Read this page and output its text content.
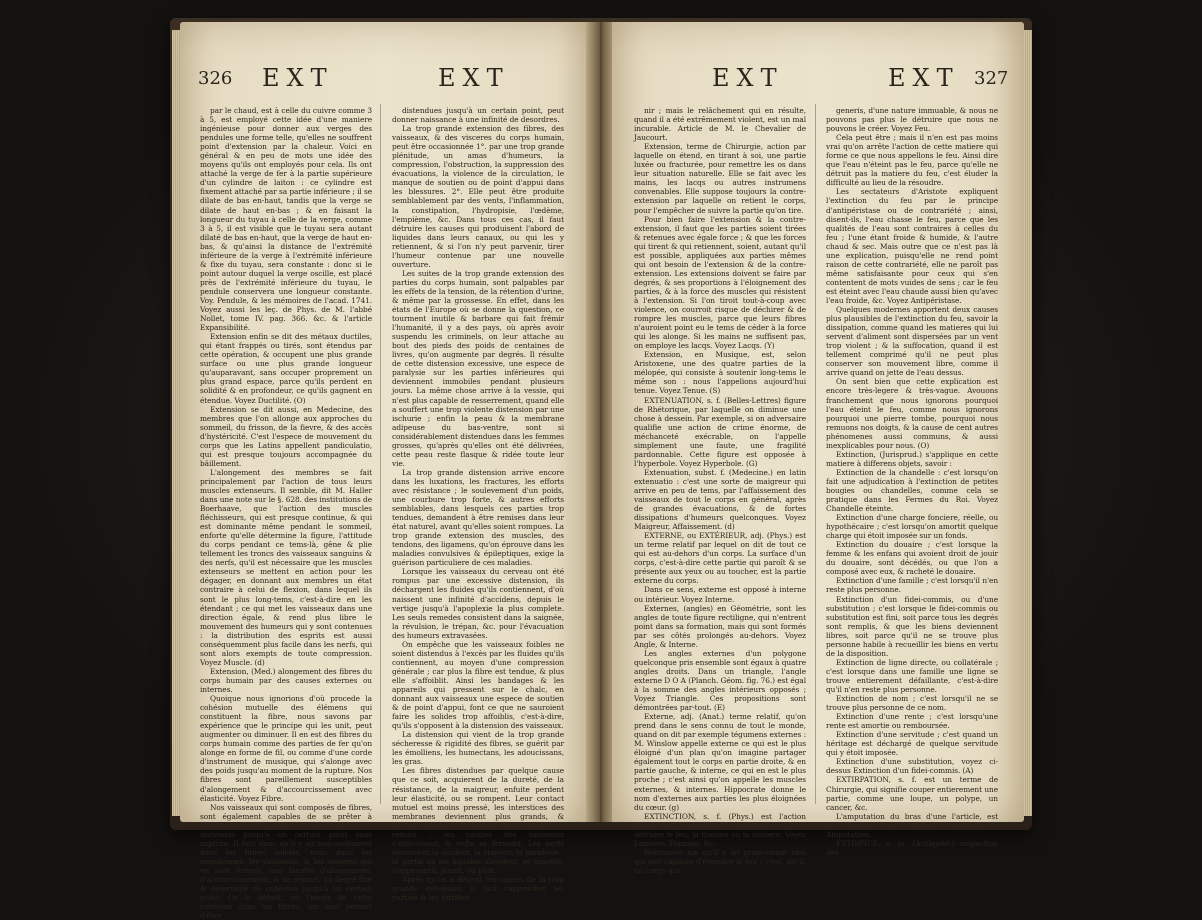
326 EXT	EXT

par le chaud, est à celle du cuivre comme 3 à 5, est employé cette idée d'une maniere ingénieuse pour donner aux verges des pendules une forme telle, qu'elles ne souffrent point d'extension par la chaleur. Voici en général & en peu de mots une idée des moyens qu'ils ont employés pour cela. Ils ont attaché la verge de fer à la partie supérieure d'un cylindre de laiton : ce cylindre est fixement attaché par sa partie inférieure ; il se dilate de bas en-haut, tandis que la verge se dilate de haut en-bas ; & en faisant la longueur du tuyau à celle de la verge, comme 3 à 5, il est visible que le tuyau sera autant dilaté de bas en-haut, que la verge de haut en-bas, & qu'ainsi la distance de l'extrémité inférieure de la verge à l'extrémité inférieure & fixe du tuyau, sera constante : donc si le point autour duquel la verge oscille, est placé près de l'extrémité inférieure du tuyau, le pendule conservera une longueur constante. Voy. Pendule, & les mémoires de l'acad. 1741. Voyez aussi les leç. de Phys. de M. l'abbé Nollet, tome IV. pag. 366. &c. & l'article Expansibilité.

Extension enfin se dit des métaux ductiles, qui étant frappés ou tirés, sont étendus par cette opération, & occupent une plus grande surface ou une plus grande longueur qu'auparavant, sans occuper proprement un plus grand espace, parce qu'ils perdent en solidité & en profondeur, ce qu'ils gagnent en étendue. Voyez Ductilité. (O)

Extension se dit aussi, en Medecine, des membres que l'on allonge aux approches du sommeil, du frisson, de la fievre, & des accès d'hystéricité. C'est l'espece de mouvement du corps que les Latins appellent pandiculatio, qui est presque toujours accompagnée du bâillement.

L'alongement des membres se fait principalement par l'action de tous leurs muscles extenseurs. Il semble, dit M. Haller dans une note sur le §. 628. des institutions de Boerhaave, que l'action des muscles fléchisseurs, qui est presque continue, & qui est dominante même pendant le sommeil, enforte qu'elle détermine la figure, l'attitude du corps pendant ce tems-là, gêne & plie tellement les troncs des vaisseaux sanguins & des nerfs, qu'il est nécessaire que les muscles extenseurs se mettent en action pour les dégager, en donnant aux membres un état contraire à celui de flexion, dans lequel ils sont le plus long-tems, c'est-à-dire en les étendant ; ce qui met les vaisseaux dans une direction égale, & rend plus libre le mouvement des humeurs qui y sont contenues : la distribution des esprits est aussi conséquemment plus facile dans les nerfs, qui sont alors exempts de toute compression. Voyez Muscle. (d)

Extension, (Med.) alongement des fibres du corps humain par des causes externes ou internes.

Quoique nous ignorions d'où procede la cohésion mutuelle des élémens qui constituent la fibre, nous savons par expérience que le principe qui les unit, peut augmenter ou diminuer. Il en est des fibres du corps humain comme des parties de fer qu'on alonge en forme de fil, ou comme d'une corde d'instrument de musique, qui s'alonge avec des poids jusqu'au moment de la rupture. Nos fibres sont pareillement susceptibles d'alongement & d'accourcissement avec élasticité. Voyez Fibre.

Nos vaisseaux qui sont composés de fibres, sont également capables de se prêter à l'impulsion du fluide, & peuvent être distendus jusqu'à un certain point sans rupture. Il faut donc qu'il y ait non-seulement dans les fibres solides, mais dans les membranes, les vaisseaux, & les visceres qui en sont formés, une faculté d'alongement, d'accourcissement, & de ressort, un degré fixe & déterminé de cohésion jusqu'à un certain point. Or le défaut, ou l'excès de cette cohésion dans les fibres, qui leur permet d'être

distendues jusqu'à un certain point, peut donner naissance à une infinité de desordres.

La trop grande extension des fibres, des vaisseaux, & des visceres du corps humain, peut être occasionnée 1°. par une trop grande plénitude, un amas d'humeurs, la compression, l'obstruction, la suppression des évacuations, la violence de la circulation, le manque de soutien ou de point d'appui dans les blessures. 2°. Elle peut être produite semblablement par des vents, l'inflammation, la constipation, l'hydropisie, l'œdème, l'empième, &c. Dans tous ces cas, il faut détruire les causes qui produisent l'abord de liquides dans leurs canaux, ou qui les y retiennent, & si l'on n'y peut parvenir, tirer l'humeur contenue par une nouvelle ouverture.

Les suites de la trop grande extension des parties du corps humain, sont palpables par les effets de la tension, de la rétention d'urine, & même par la grossesse. En effet, dans les états de l'Europe où se donne la question, ce tourment inutile & barbare qui fait frémir l'humanité, il y a des pays, où après avoir suspendu les criminels, on leur attache au bout des pieds des poids de centaines de livres, qu'on augmente par degrés. Il résulte de cette distension excessive, une espece de paralysie sur les parties inférieures qui deviennent immobiles pendant plusieurs jours. La même chose arrive à la vessie, qui n'est plus capable de resserrement, quand elle a souffert une trop violente distension par une ischurie ; enfin la peau & la membrane adipeuse du bas-ventre, sont si considérablement distendues dans les femmes grosses, qu'après qu'elles ont été délivrées, cette peau reste flasque & ridée toute leur vie.

La trop grande distension arrive encore dans les luxations, les fractures, les efforts avec résistance ; le soulevement d'un poids, une courbure trop forte, & autres efforts semblables, dans lesquels ces parties trop tendues, demandent à être remises dans leur état naturel, avant qu'elles soient rompues. La trop grande extension des muscles, des tendons, des ligamens, qu'on éprouve dans les maladies convulsives & épileptiques, exige la guérison particuliere de ces maladies.

Lorsque les vaisseaux du cerveau ont été rompus par une excessive distension, ils déchargent les fluides qu'ils contiennent, d'où naissent une infinité d'accidens, depuis le vertige jusqu'à l'apoplexie la plus complete. Les seuls remedes consistent dans la saignée, la révulsion, le trépan, &c. pour l'évacuation des humeurs extravasées.

On empêche que les vaisseaux foibles ne soient distendus à l'excès par les fluides qu'ils contiennent, au moyen d'une compression générale ; car plus la fibre est tendue, & plus elle s'affoiblit. Ainsi les bandages & les appareils qui pressent sur le chalc, en donnant aux vaisseaux une espece de soutien & de point d'appui, font ce que ne sauroient faire les solides trop affoiblis, c'est-à-dire, qu'ils s'opposent à la distension des vaisseaux.

La distension qui vient de la trop grande sécheresse & rigidité des fibres, se guérit par les émolliens, les humectans, les adoucissans, les gras.

Les fibres distendues par quelque cause que ce soit, acquierent de la dureté, de la résistance, de la maigreur, enfuite perdent leur élasticité, ou se rompent. Leur contact mutuel est moins pressé, les interstices des membranes deviennent plus grands, & laissent passer les humeurs qu'ils devroient retenir : les cavités des vaisseaux s'étrécissent, & enfin se ferment. Les nerfs éprouvent la douleur, la stupeur, la paralysie : la partie où les liquides abordent, se tuméfie, s'appesantit, jaunit, ou pâlit.

Après qu'on a détruit les causes de la trop grande extension, il faut rapprocher les parties & les fortifier

EXT	EXT 327

nir ; mais le relâchement qui en résulte, quand il a été extrêmement violent, est un mal incurable. Article de M. le Chevalier de Jaucourt.

Extension, terme de Chirurgie, action par laquelle on étend, en tirant à soi, une partie luxée ou fracturée, pour remettre les os dans leur situation naturelle. Elle se fait avec les mains, les lacqs ou autres instrumens convenables. Elle suppose toujours la contre-extension par laquelle on retient le corps, pour l'empêcher de suivre la partie qu'on tire.

Pour bien faire l'extension & la contre-extension, il faut que les parties soient tirées & retenues avec égale force ; & que les forces qui tirent & qui retiennent, soient, autant qu'il est possible, appliquées aux parties mêmes qui ont besoin de l'extension & de la contre-extension. Les extensions doivent se faire par degrés, & ses proportions à l'éloignement des parties, & à la force des muscles qui résistent à l'extension. Si l'on tiroit tout-à-coup avec violence, on courroit risque de déchirer & de rompre les muscles, parce que leurs fibres n'auroient point eu le tems de céder à la force qui les alonge. Si les mains ne suffisent pas, on employe les lacqs. Voyez Lacqs. (Y)

Extension, en Musique, est, selon Aristoxene, une des quatre parties de la mélopée, qui consiste à soutenir long-tems le même son : nous l'appelions aujourd'hui tenue. Voyez Tenue. (S)

EXTENUATION, s. f. (Belles-Lettres) figure de Rhétorique, par laquelle on diminue une chose à dessein. Par exemple, si on adversaire qualifie une action de crime énorme, de méchanceté exécrable, on l'appelle simplement une faute, une fragilité pardonnable. Cette figure est opposée à l'hyperbole. Voyez Hyperbole. (G)

Extenuation, subst. f. (Medecine.) en latin extenuatio : c'est une sorte de maigreur qui arrive en peu de tems, par l'affaissement des vaisseaux de tout le corps en général, après de grandes évacuations, & de fortes dissipations d'humeurs quelconques. Voyez Maigreur, Affaissement. (d)

EXTERNE, ou EXTÉRIEUR, adj. (Phys.) est un terme relatif par lequel on dit de tout ce qui est au-dehors d'un corps. La surface d'un corps, c'est-à-dire cette partie qui paroît & se présente aux yeux ou au toucher, est la partie externe du corps.

Dans ce sens, externe est opposé à interne ou intérieur. Voyez Interne.

Externes, (angles) en Géométrie, sont les angles de toute figure rectiligne, qui n'entrent point dans sa formation, mais qui sont formés par ses côtés prolongés au-dehors. Voyez Angle, & Interne.

Les angles externes d'un polygone quelconque pris ensemble sont égaux à quatre angles droits. Dans un triangle, l'angle externe D O A (Planch. Géom. fig. 76.) est égal à la somme des angles intérieurs opposés ; Voyez Triangle. Ces propositions sont démontrées par-tout. (E)

Externe, adj. (Anat.) terme relatif, qu'on prend dans le sens connu de tout le monde, quand on dit par exemple tégumens externes : M. Winslow appelle externe ce qui est le plus éloigné d'un plan qu'on imagine partager également tout le corps en partie droite, & en partie gauche, & interne, ce qui en est le plus proche ; c'est ainsi qu'on appelle les muscles externes, & internes. Hippocrate donne le nom d'externes aux parties les plus éloignées du cœur. (g)

EXTINCTION, s. f. (Phys.) est l'action d'éteindre, c'est-à-dire d'anéantir ou de détruire le feu, la flamme ou la lumiere. Voyez Lumiere, Flamme, &c.

Boerhaave nie qu'il y ait proprement rien qui soit capable d'éteindre le feu : c'est, dit-il, un corps qui

generis, d'une nature immuable, & nous ne pouvons pas plus le détruire que nous ne pouvons le créer. Voyez Feu.

Cela peut être ; mais il n'en est pas moins vrai qu'on arrête l'action de cette matiere qui forme ce que nous appellons le feu. Ainsi dire que l'eau n'éteint pas le feu, parce qu'elle ne détruit pas la matiere du feu, c'est éluder la difficulté au lieu de la résoudre.

Les sectateurs d'Aristote expliquent l'extinction du feu par le principe d'antipéristase ou de contrariété ; ainsi, disent-ils, l'eau chasse le feu, parce que les qualités de l'eau sont contraires à celles du feu ; l'une étant froide & humide, & l'autre chaud & sec. Mais outre que ce n'est pas là une explication, puisqu'elle ne rend point raison de cette contrariété, elle ne paroît pas même satisfaisante pour ceux qui s'en contentent de mots vuides de sens ; car le feu est éteint avec l'eau chaude aussi bien qu'avec l'eau froide, &c. Voyez Antipéristase.

Quelques modernes apportent deux causes plus plausibles de l'extinction du feu, savoir la dissipation, comme quand les matieres qui lui servent d'aliment sont dispersées par un vent trop violent ; & la suffocation, quand il est tellement comprimé qu'il ne peut plus conserver son mouvement libre, comme il arrive quand on jette de l'eau dessus.

On sent bien que cette explication est encore très-legere & très-vague. Avouons franchement que nous ignorons pourquoi l'eau éteint le feu, comme nous ignorons pourquoi une pierre tombe, pourquoi nous remuons nos doigts, & la cause de cent autres phénomenes aussi communs, & aussi inexplicables pour nous. (O)

Extinction, (Jurisprud.) s'applique en cette matiere à differens objets, savoir :

Extinction de la chandelle : c'est lorsqu'on fait une adjudication à l'extinction de petites bougies ou chandelles, comme cela se pratique dans les Fermes du Roi. Voyez Chandelle éteinte.

Extinction d'une charge fonciere, réelle, ou hypothécaire ; c'est lorsqu'on amortit quelque charge qui étoit imposée sur un fonds.

Extinction du douaire ; c'est lorsque la femme & les enfans qui avoient droit de jouir du douaire, sont décédés, ou que l'on a composé avec eux, & racheté le douaire.

Extinction d'une famille ; c'est lorsqu'il n'en reste plus personne.

Extinction d'un fidei-commis, ou d'une substitution ; c'est lorsque le fidei-commis ou substitution est fini, soit parce tous les degrés sont remplis, & que les biens deviennent libres, soit parce qu'il ne se trouve plus personne habile à recueillir les biens en vertu de la disposition.

Extinction de ligne directe, ou collatérale ; c'est lorsque dans une famille une ligne se trouve entierement défaillante, c'est-à-dire qu'il n'en reste plus personne.

Extinction de nom ; c'est lorsqu'il ne se trouve plus personne de ce nom.

Extinction d'une rente ; c'est lorsqu'une rente est amortie ou remboursée.

Extinction d'une servitude ; c'est quand un héritage est déchargé de quelque servitude qui y étoit imposée.

Extinction d'une substitution, voyez ci-dessus Extinction d'un fidei-commis. (A)

EXTIRPATION, s. f. est un terme de Chirurgie, qui signifie couper entierement une partie, comme une loupe, un polype, un cancer, &c.

L'amputation du bras d'une l'article, est une extirpation de l'extrémité supérieure. V. Amputation.

EXTISPICE, s. m. (Antiquité.) inspection des
